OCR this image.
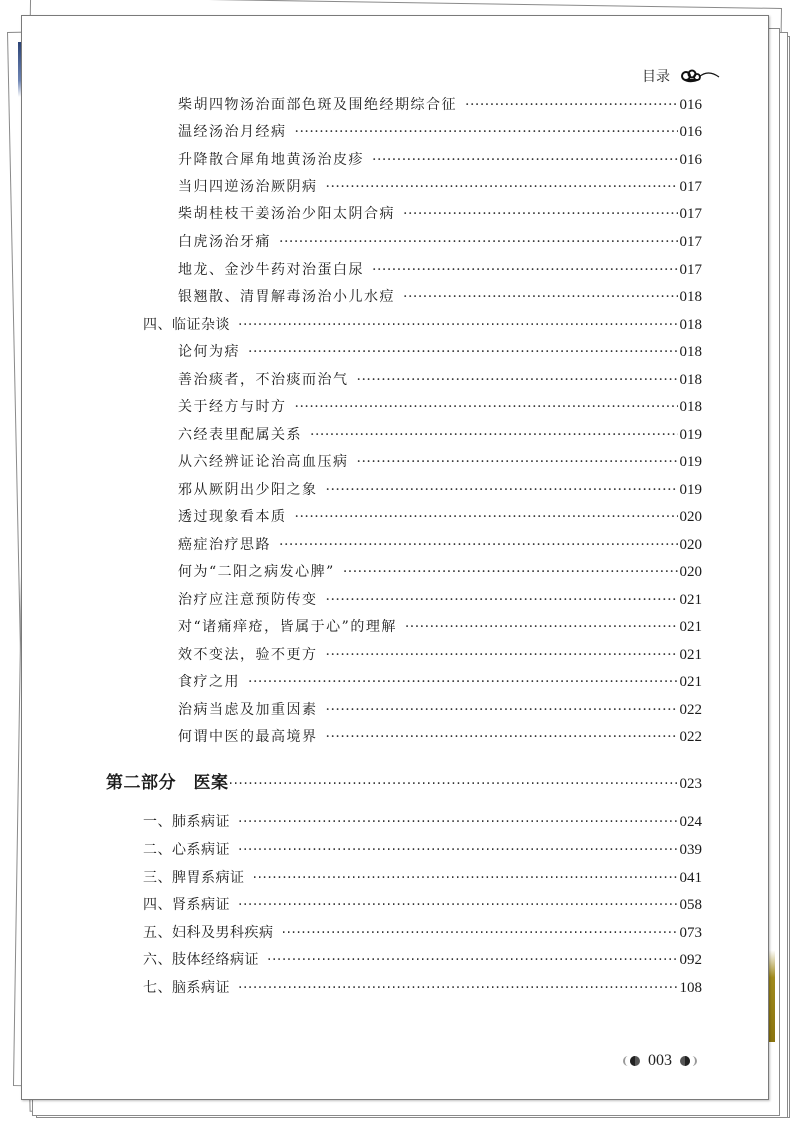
目录
柴胡四物汤治面部色斑及围绝经期综合征 ·····	016
温经汤治月经病 ·····	016
升降散合犀角地黄汤治皮疹 ·····	016
当归四逆汤治厥阴病 ·····	017
柴胡桂枝干姜汤治少阳太阴合病 ·····	017
白虎汤治牙痛 ·····	017
地龙、金沙牛药对治蛋白尿 ·····	017
银翘散、清胃解毒汤治小儿水痘 ·····	018
四、临证杂谈 ·····	018
论何为痞 ·····	018
善治痰者，不治痰而治气 ·····	018
关于经方与时方 ·····	018
六经表里配属关系 ·····	019
从六经辨证论治高血压病 ·····	019
邪从厥阴出少阳之象 ·····	019
透过现象看本质 ·····	020
癌症治疗思路 ·····	020
何为“二阳之病发心脾” ·····	020
治疗应注意预防传变 ·····	021
对“诸痛痒疮，皆属于心”的理解 ·····	021
效不变法，验不更方 ·····	021
食疗之用 ·····	021
治病当虑及加重因素 ·····	022
何谓中医的最高境界 ·····	022
第二部分　医案 ·····	023
一、肺系病证 ·····	024
二、心系病证 ·····	039
三、脾胃系病证 ·····	041
四、肾系病证 ·····	058
五、妇科及男科疾病 ·····	073
六、肢体经络病证 ·····	092
七、脑系病证 ·····	108
003
